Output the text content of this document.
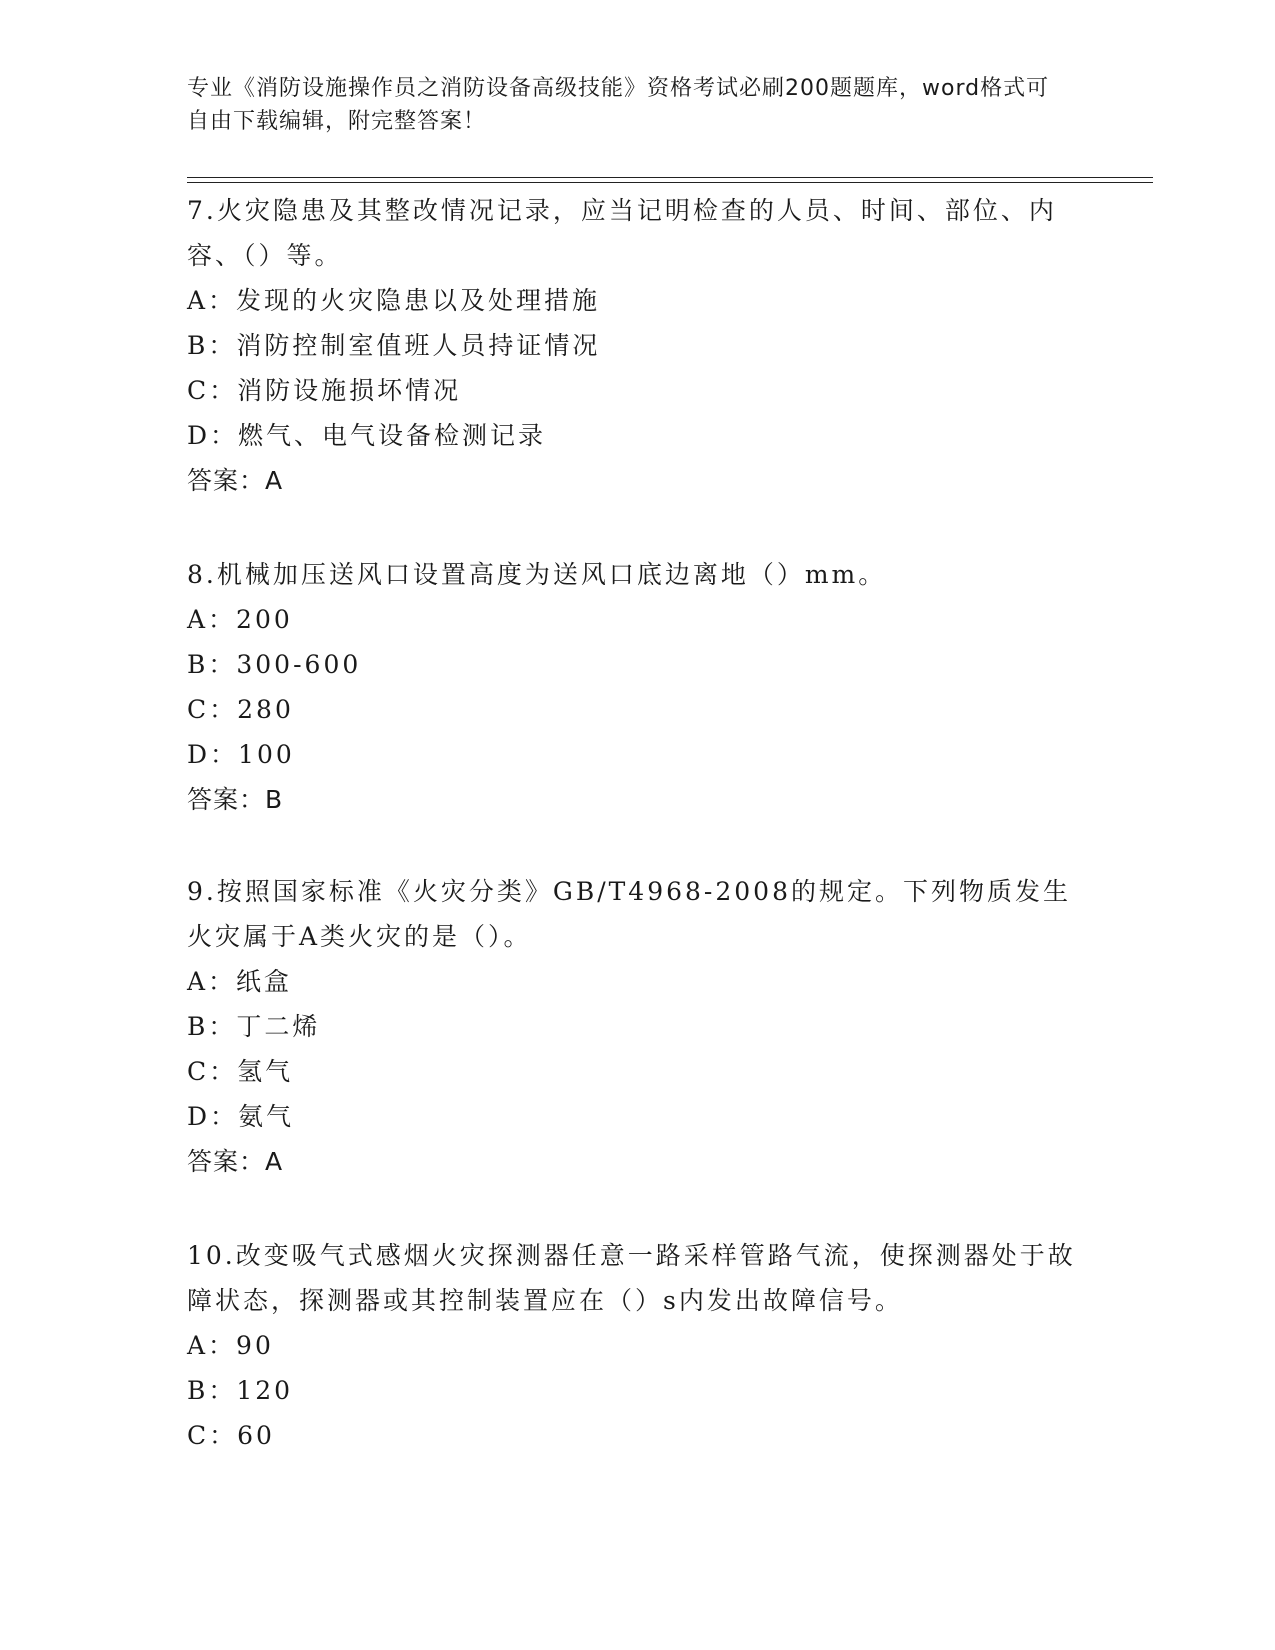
专业《消防设施操作员之消防设备高级技能》资格考试必刷200题题库，word格式可自由下载编辑，附完整答案！

7.火灾隐患及其整改情况记录，应当记明检查的人员、时间、部位、内容、（）等。

A：发现的火灾隐患以及处理措施

B：消防控制室值班人员持证情况

C：消防设施损坏情况

D：燃气、电气设备检测记录

答案：A

8.机械加压送风口设置高度为送风口底边离地（）mm。

A：200

B：300-600

C：280

D：100

答案：B

9.按照国家标准《火灾分类》GB/T4968-2008的规定。下列物质发生火灾属于A类火灾的是（）。

A：纸盒

B：丁二烯

C：氢气

D：氨气

答案：A

10.改变吸气式感烟火灾探测器任意一路采样管路气流，使探测器处于故障状态，探测器或其控制装置应在（）s内发出故障信号。

A：90

B：120

C：60
